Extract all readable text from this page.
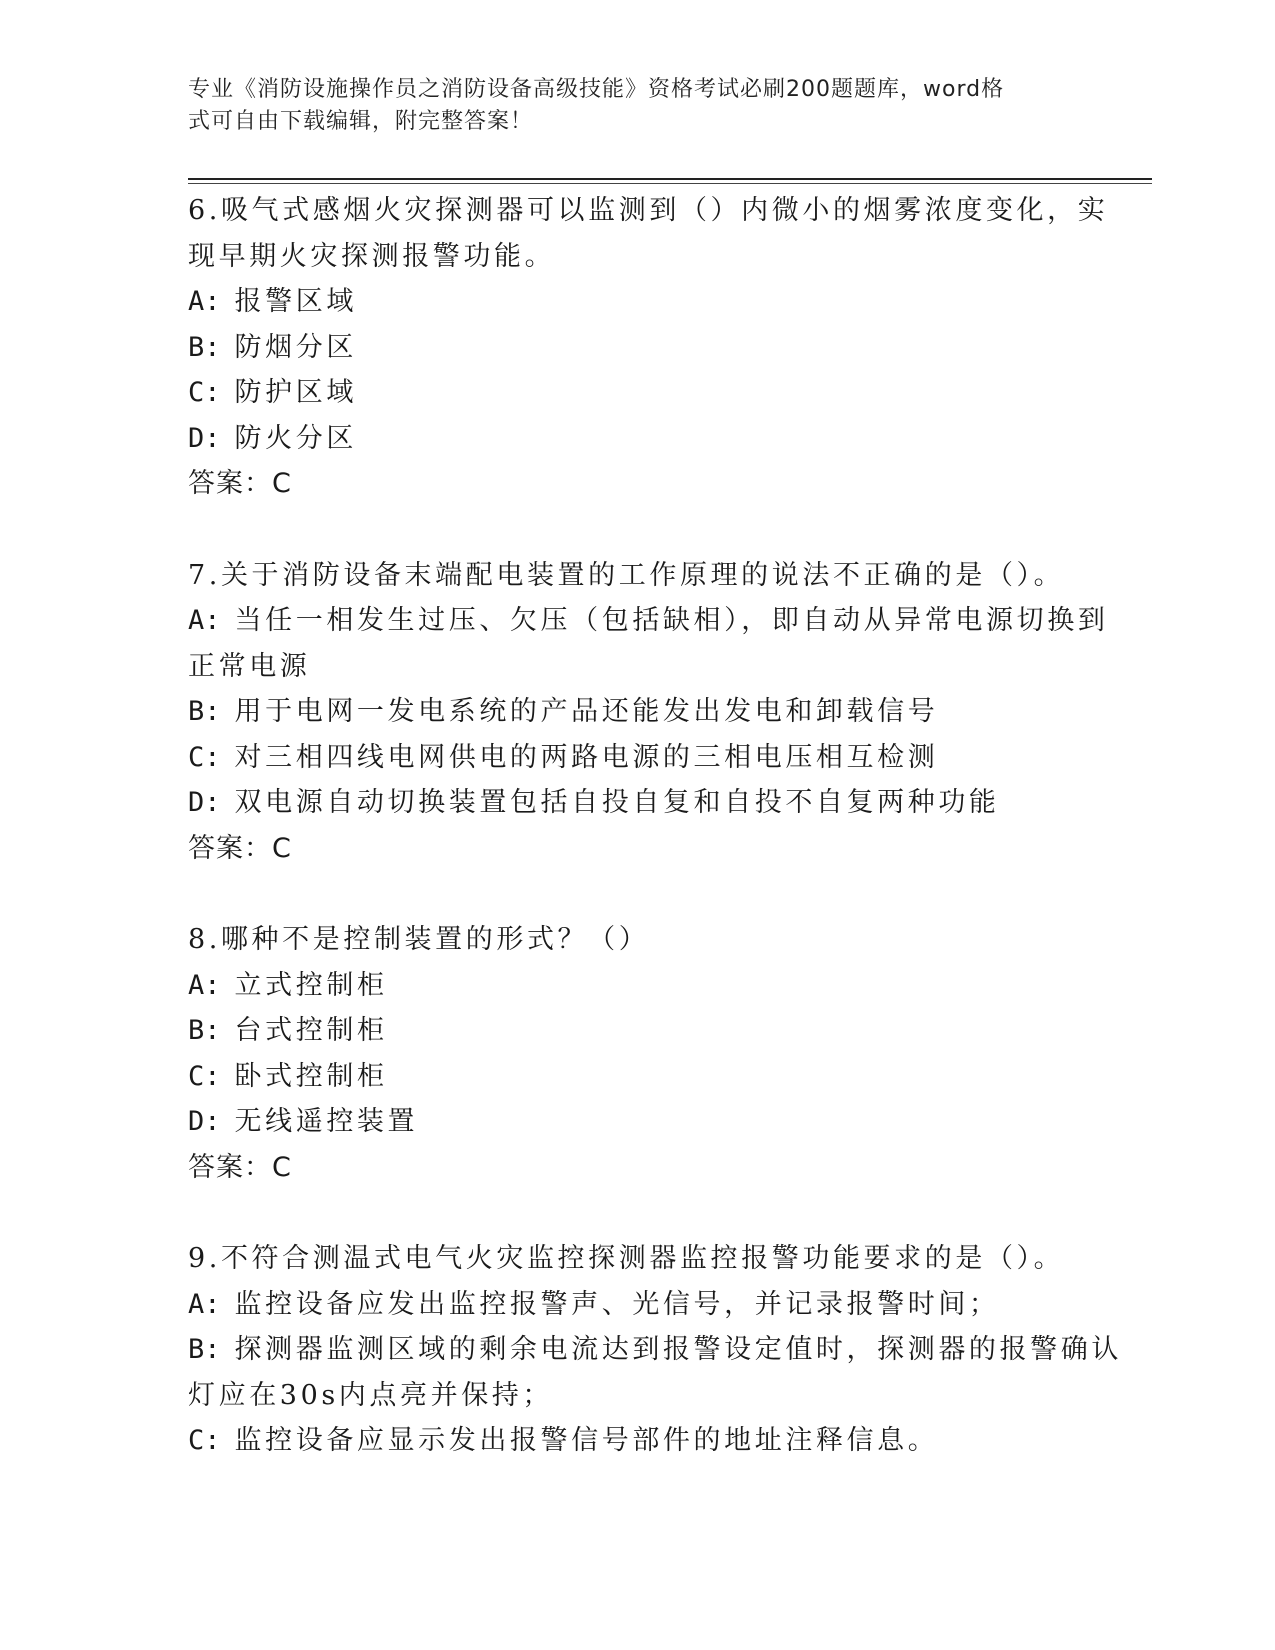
专业《消防设施操作员之消防设备高级技能》资格考试必刷200题题库，word格
式可自由下载编辑，附完整答案！
6.吸气式感烟火灾探测器可以监测到（）内微小的烟雾浓度变化，实
现早期火灾探测报警功能。
A: 报警区域
B: 防烟分区
C: 防护区域
D: 防火分区
答案：C
7.关于消防设备末端配电装置的工作原理的说法不正确的是（）。
A: 当任一相发生过压、欠压（包括缺相），即自动从异常电源切换到
正常电源
B: 用于电网一发电系统的产品还能发出发电和卸载信号
C: 对三相四线电网供电的两路电源的三相电压相互检测
D: 双电源自动切换装置包括自投自复和自投不自复两种功能
答案：C
8.哪种不是控制装置的形式？（）
A: 立式控制柜
B: 台式控制柜
C: 卧式控制柜
D: 无线遥控装置
答案：C
9.不符合测温式电气火灾监控探测器监控报警功能要求的是（）。
A: 监控设备应发出监控报警声、光信号，并记录报警时间；
B: 探测器监测区域的剩余电流达到报警设定值时，探测器的报警确认
灯应在30s内点亮并保持；
C: 监控设备应显示发出报警信号部件的地址注释信息。
